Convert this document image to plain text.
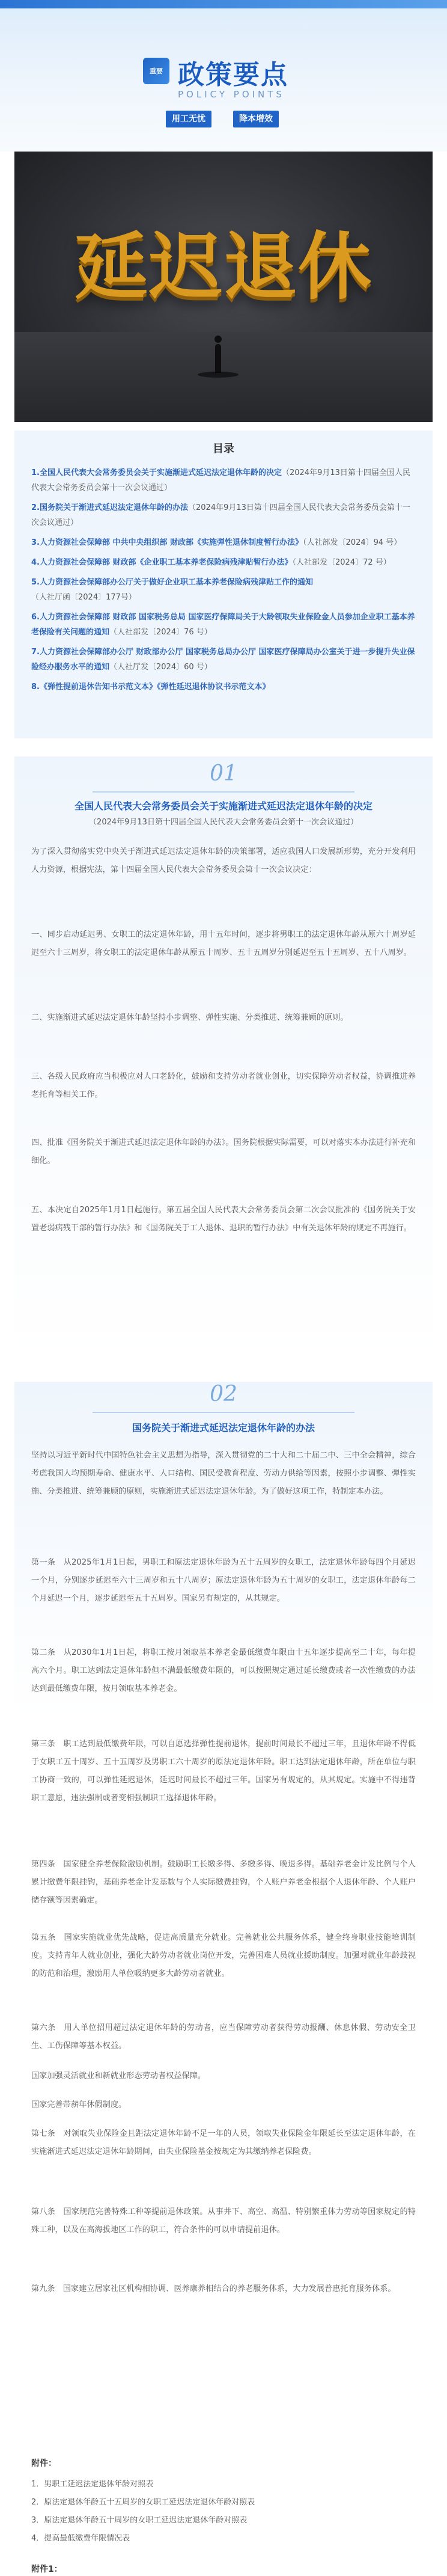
重要 政策要点
POLICY POINTS
用工无忧	降本增效
延迟退休
目录
1.全国人民代表大会常务委员会关于实施渐进式延迟法定退休年龄的决定（2024年9月13日第十四届全国人民代表大会常务委员会第十一次会议通过）
2.国务院关于渐进式延迟法定退休年龄的办法（2024年9月13日第十四届全国人民代表大会常务委员会第十一次会议通过）
3.人力资源社会保障部 中共中央组织部 财政部《实施弹性退休制度暂行办法》（人社部发〔2024〕94 号）
4.人力资源社会保障部 财政部《企业职工基本养老保险病残津贴暂行办法》（人社部发〔2024〕72 号）
5.人力资源社会保障部办公厅关于做好企业职工基本养老保险病残津贴工作的通知（人社厅函〔2024〕177号）
6.人力资源社会保障部 财政部 国家税务总局 国家医疗保障局关于大龄领取失业保险金人员参加企业职工基本养老保险有关问题的通知（人社部发〔2024〕76 号）
7.人力资源社会保障部办公厅 财政部办公厅 国家税务总局办公厅 国家医疗保障局办公室关于进一步提升失业保险经办服务水平的通知（人社厅发〔2024〕60 号）
8.《弹性提前退休告知书示范文本》《弹性延迟退休协议书示范文本》
01
全国人民代表大会常务委员会关于实施渐进式延迟法定退休年龄的决定
（2024年9月13日第十四届全国人民代表大会常务委员会第十一次会议通过）

为了深入贯彻落实党中央关于渐进式延迟法定退休年龄的决策部署，适应我国人口发展新形势，充分开发利用人力资源，根据宪法，第十四届全国人民代表大会常务委员会第十一次会议决定：

一、同步启动延迟男、女职工的法定退休年龄，用十五年时间，逐步将男职工的法定退休年龄从原六十周岁延迟至六十三周岁，将女职工的法定退休年龄从原五十周岁、五十五周岁分别延迟至五十五周岁、五十八周岁。

二、实施渐进式延迟法定退休年龄坚持小步调整、弹性实施、分类推进、统筹兼顾的原则。

三、各级人民政府应当积极应对人口老龄化，鼓励和支持劳动者就业创业，切实保障劳动者权益，协调推进养老托育等相关工作。

四、批准《国务院关于渐进式延迟法定退休年龄的办法》。国务院根据实际需要，可以对落实本办法进行补充和细化。

五、本决定自2025年1月1日起施行。第五届全国人民代表大会常务委员会第二次会议批准的《国务院关于安置老弱病残干部的暂行办法》和《国务院关于工人退休、退职的暂行办法》中有关退休年龄的规定不再施行。

02
国务院关于渐进式延迟法定退休年龄的办法

坚持以习近平新时代中国特色社会主义思想为指导，深入贯彻党的二十大和二十届二中、三中全会精神，综合考虑我国人均预期寿命、健康水平、人口结构、国民受教育程度、劳动力供给等因素，按照小步调整、弹性实施、分类推进、统筹兼顾的原则，实施渐进式延迟法定退休年龄。为了做好这项工作，特制定本办法。

第一条　从2025年1月1日起，男职工和原法定退休年龄为五十五周岁的女职工，法定退休年龄每四个月延迟一个月，分别逐步延迟至六十三周岁和五十八周岁；原法定退休年龄为五十周岁的女职工，法定退休年龄每二个月延迟一个月，逐步延迟至五十五周岁。国家另有规定的，从其规定。

第二条　从2030年1月1日起，将职工按月领取基本养老金最低缴费年限由十五年逐步提高至二十年，每年提高六个月。职工达到法定退休年龄但不满最低缴费年限的，可以按照规定通过延长缴费或者一次性缴费的办法达到最低缴费年限，按月领取基本养老金。

第三条　职工达到最低缴费年限，可以自愿选择弹性提前退休，提前时间最长不超过三年，且退休年龄不得低于女职工五十周岁、五十五周岁及男职工六十周岁的原法定退休年龄。职工达到法定退休年龄，所在单位与职工协商一致的，可以弹性延迟退休，延迟时间最长不超过三年。国家另有规定的，从其规定。实施中不得违背职工意愿，违法强制或者变相强制职工选择退休年龄。

第四条　国家健全养老保险激励机制。鼓励职工长缴多得、多缴多得、晚退多得。基础养老金计发比例与个人累计缴费年限挂钩，基础养老金计发基数与个人实际缴费挂钩，个人账户养老金根据个人退休年龄、个人账户储存额等因素确定。

第五条　国家实施就业优先战略，促进高质量充分就业。完善就业公共服务体系，健全终身职业技能培训制度。支持青年人就业创业，强化大龄劳动者就业岗位开发，完善困难人员就业援助制度。加强对就业年龄歧视的防范和治理，激励用人单位吸纳更多大龄劳动者就业。

第六条　用人单位招用超过法定退休年龄的劳动者，应当保障劳动者获得劳动报酬、休息休假、劳动安全卫生、工伤保障等基本权益。

国家加强灵活就业和新就业形态劳动者权益保障。

国家完善带薪年休假制度。

第七条　对领取失业保险金且距法定退休年龄不足一年的人员，领取失业保险金年限延长至法定退休年龄，在实施渐进式延迟法定退休年龄期间，由失业保险基金按规定为其缴纳养老保险费。

第八条　国家规范完善特殊工种等提前退休政策。从事井下、高空、高温、特别繁重体力劳动等国家规定的特殊工种，以及在高海拔地区工作的职工，符合条件的可以申请提前退休。

第九条　国家建立居家社区机构相协调、医养康养相结合的养老服务体系，大力发展普惠托育服务体系。

附件：
1．男职工延迟法定退休年龄对照表
2．原法定退休年龄五十五周岁的女职工延迟法定退休年龄对照表
3．原法定退休年龄五十周岁的女职工延迟法定退休年龄对照表
4．提高最低缴费年限情况表
附件1：
